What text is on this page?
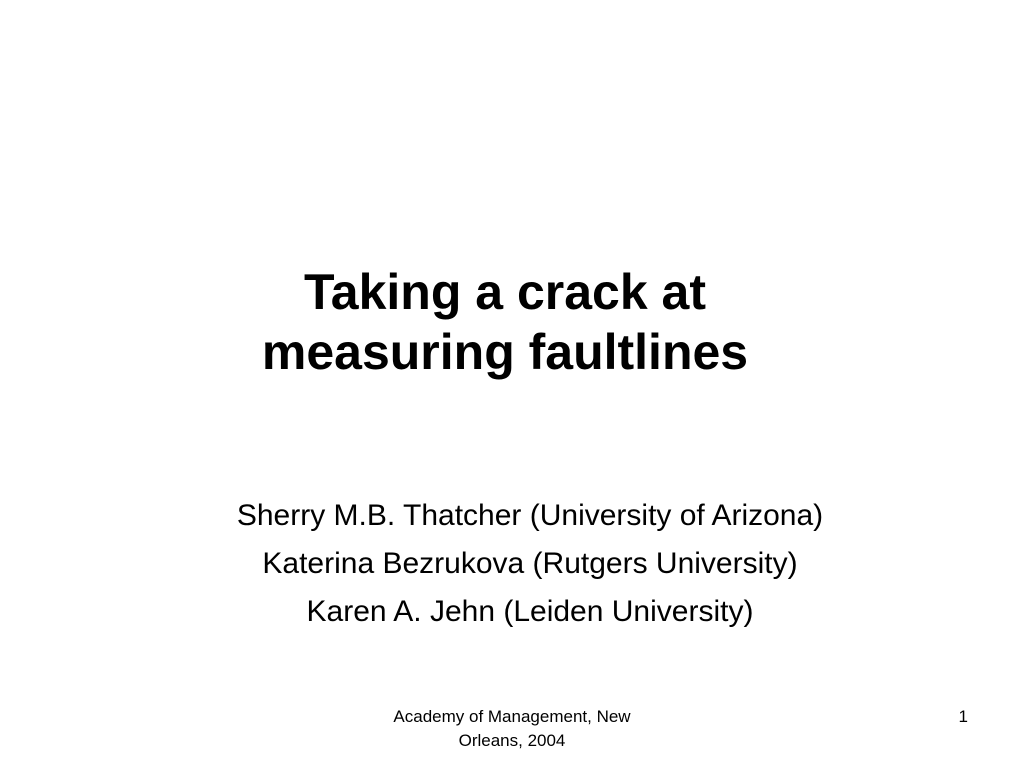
Taking a crack at
measuring faultlines
Sherry M.B. Thatcher (University of Arizona)
Katerina Bezrukova (Rutgers University)
Karen A. Jehn (Leiden University)
Academy of Management, New
Orleans, 2004
1
